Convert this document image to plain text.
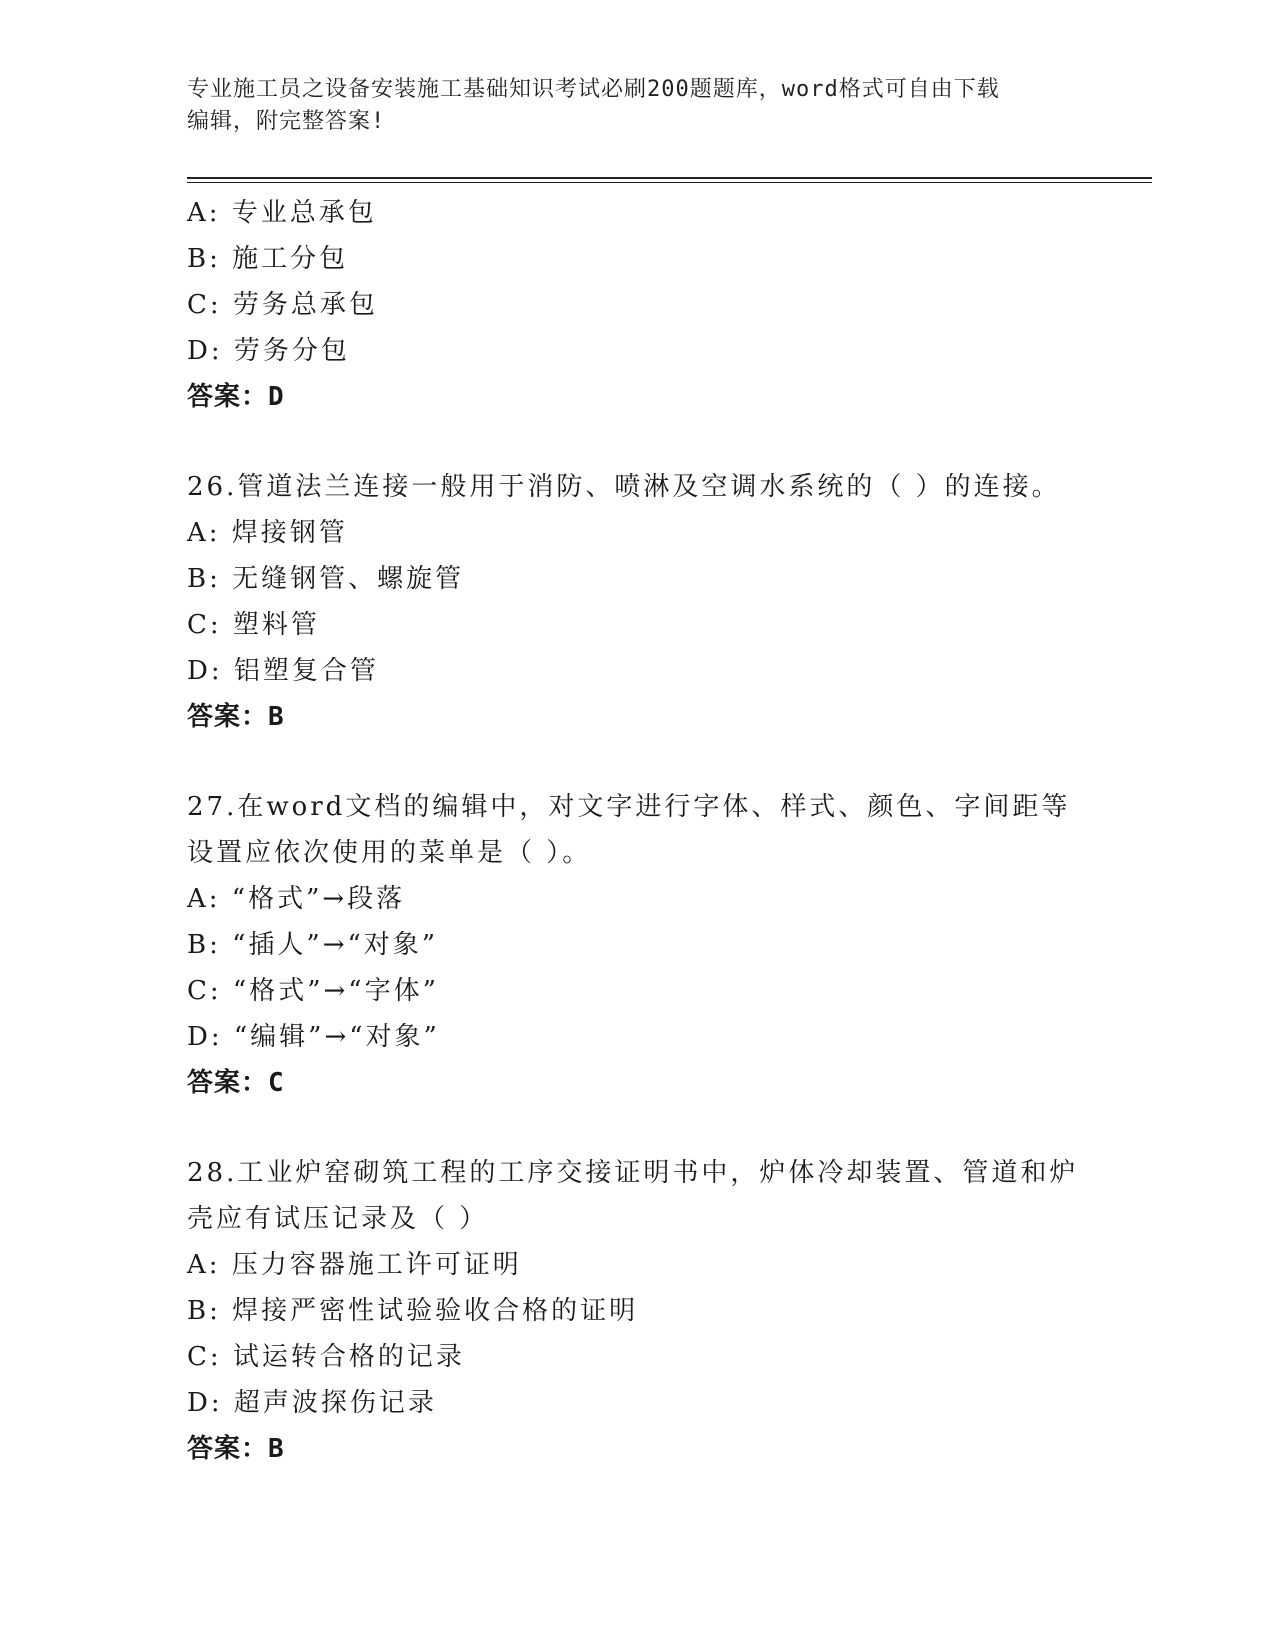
专业施工员之设备安装施工基础知识考试必刷200题题库，word格式可自由下载
编辑，附完整答案!
A: 专业总承包
B: 施工分包
C: 劳务总承包
D: 劳务分包
答案：D
26.管道法兰连接一般用于消防、喷淋及空调水系统的（ ）的连接。
A: 焊接钢管
B: 无缝钢管、螺旋管
C: 塑料管
D: 铝塑复合管
答案：B
27.在word文档的编辑中，对文字进行字体、样式、颜色、字间距等
设置应依次使用的菜单是（ ）。
A: “格式”→段落
B: “插人”→“对象”
C: “格式”→“字体”
D: “编辑”→“对象”
答案：C
28.工业炉窑砌筑工程的工序交接证明书中，炉体冷却装置、管道和炉
壳应有试压记录及（ ）
A: 压力容器施工许可证明
B: 焊接严密性试验验收合格的证明
C: 试运转合格的记录
D: 超声波探伤记录
答案：B
